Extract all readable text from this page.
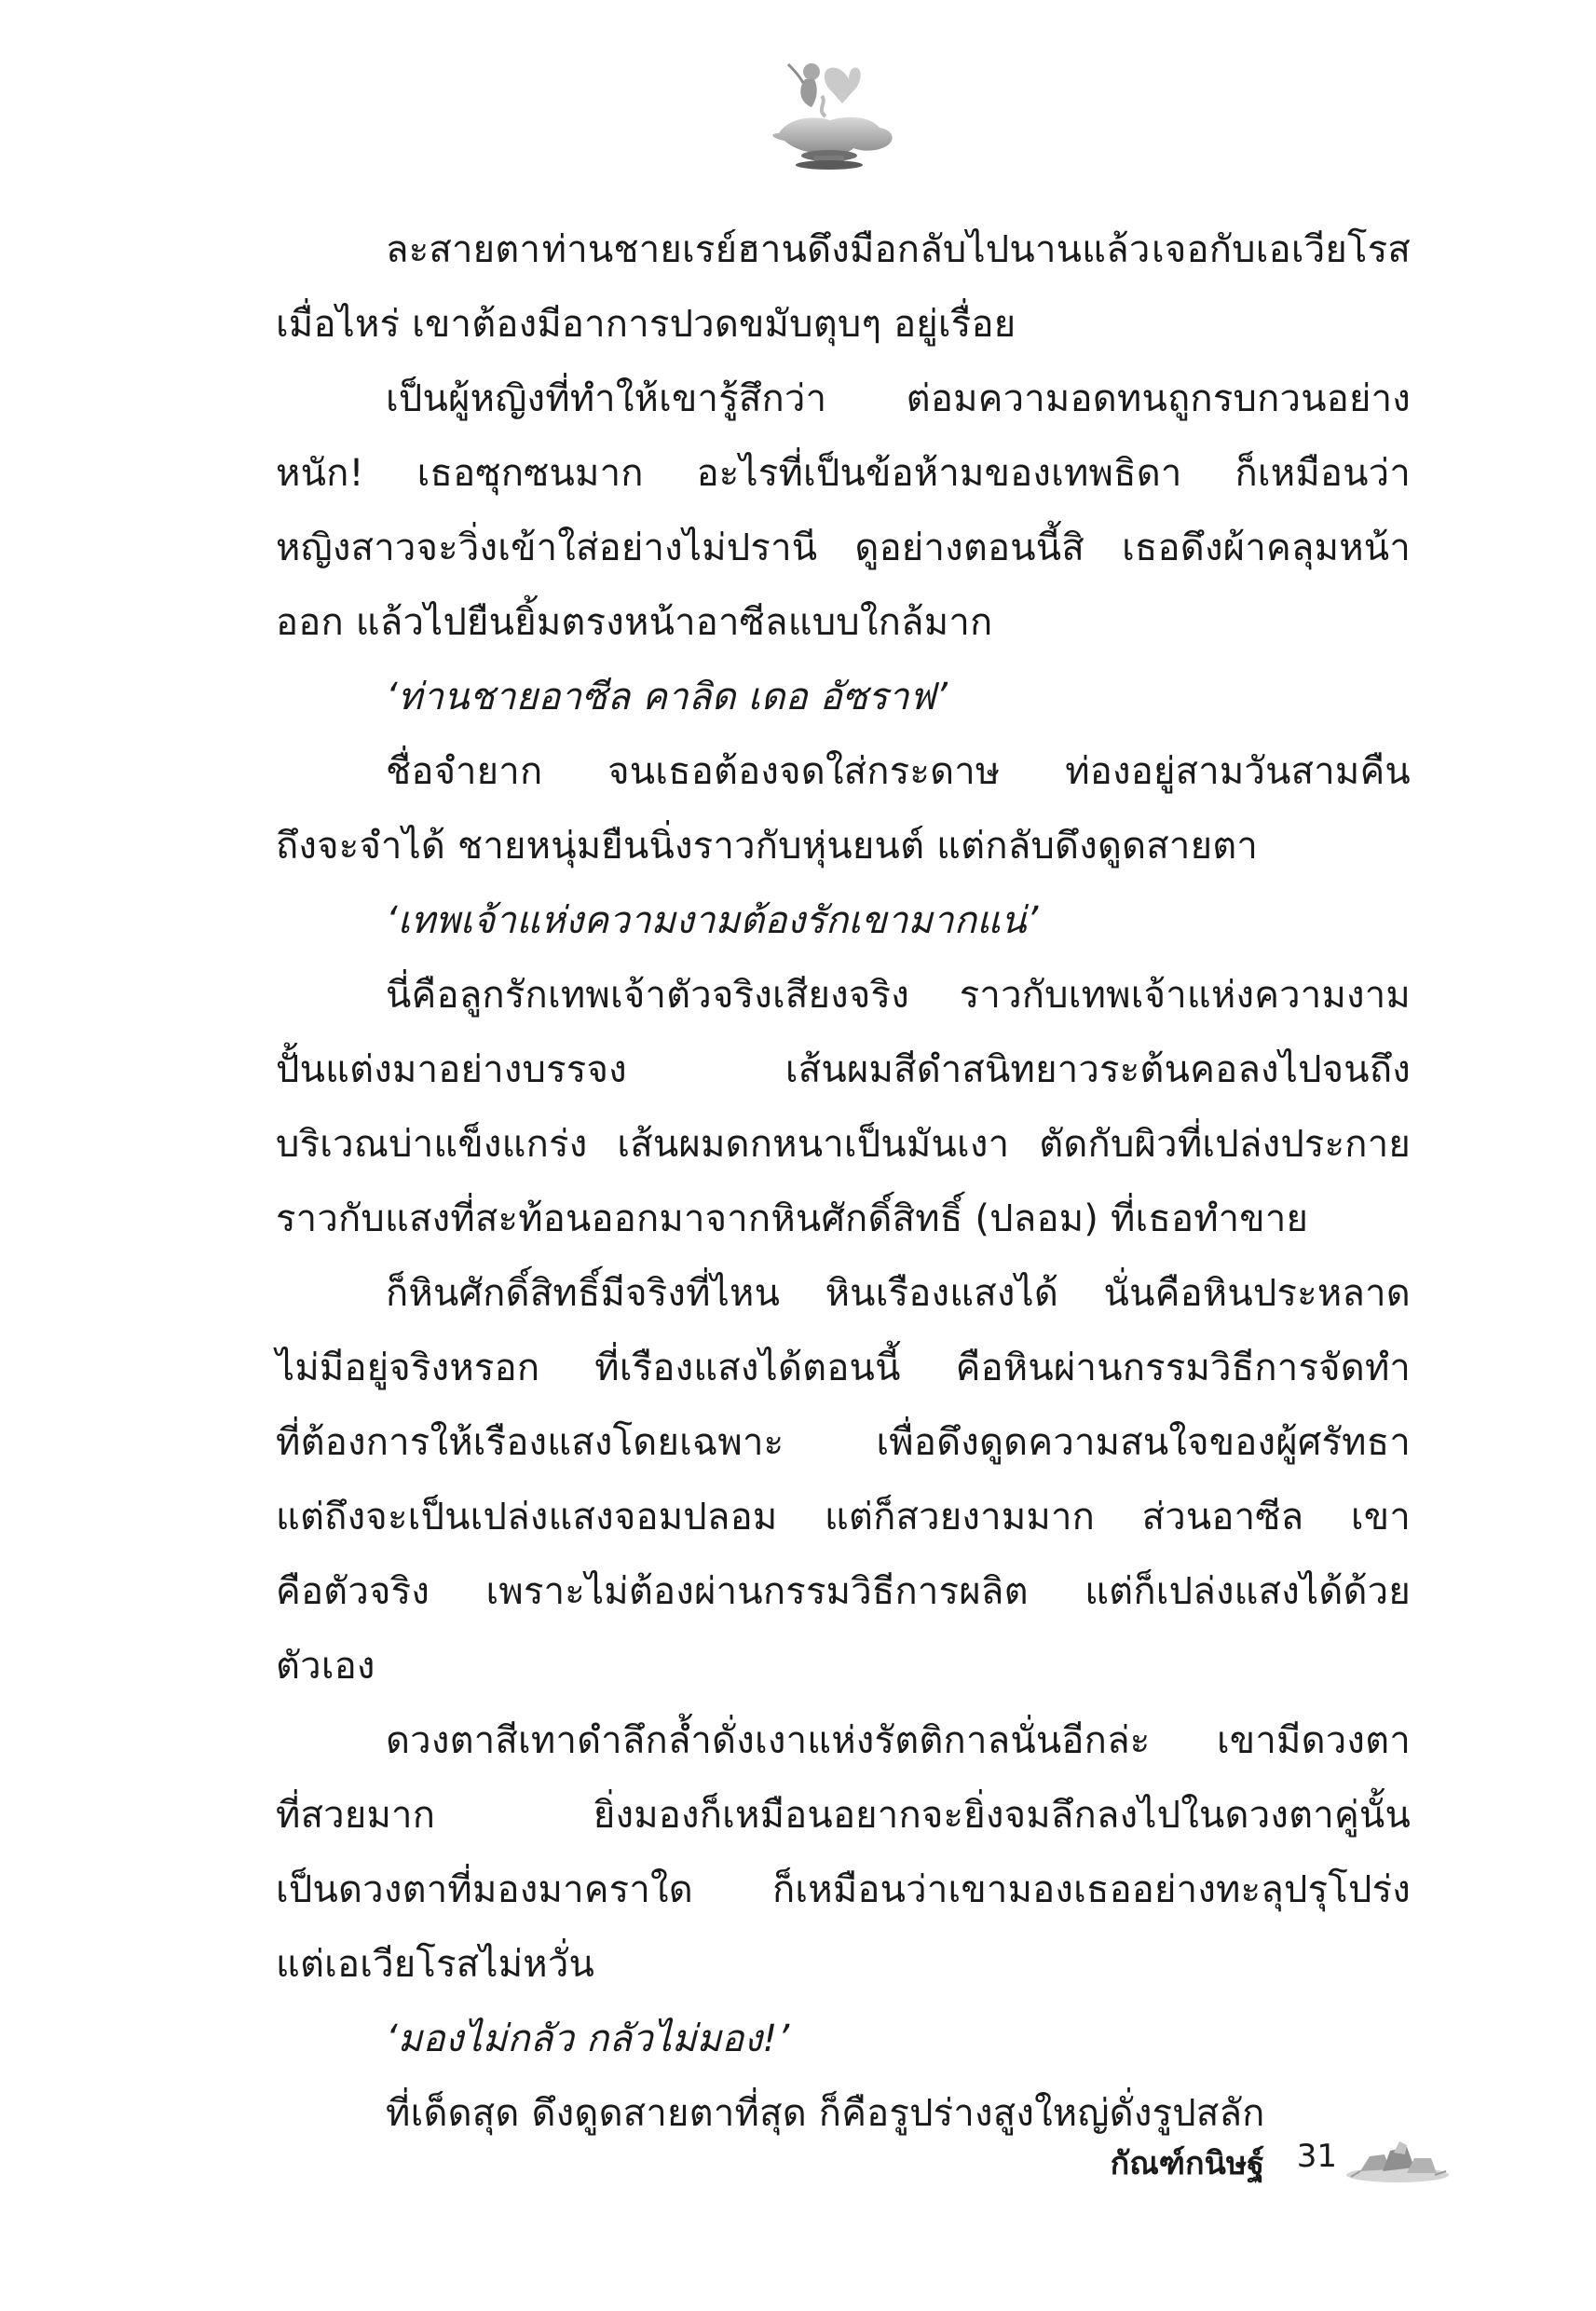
ละสายตา ท่านชายเรย์ฮานดึงมือกลับไปนานแล้ว เจอกับเอเวียโรส
เมื่อไหร่ เขาต้องมีอาการปวดขมับตุบๆ อยู่เรื่อย
เป็นผู้หญิงที่ทำให้เขารู้สึกว่า ต่อมความอดทนถูกรบกวนอย่าง
หนัก! เธอซุกซนมาก อะไรที่เป็นข้อห้ามของเทพธิดา ก็เหมือนว่า
หญิงสาวจะวิ่งเข้าใส่อย่างไม่ปรานี ดูอย่างตอนนี้สิ เธอดึงผ้าคลุมหน้า
ออก แล้วไปยืนยิ้มตรงหน้าอาซีลแบบใกล้มาก
‘ท่านชายอาซีล คาลิด เดอ อัซราฟ’
ชื่อจำยาก จนเธอต้องจดใส่กระดาษ ท่องอยู่สามวันสามคืน
ถึงจะจำได้ ชายหนุ่มยืนนิ่งราวกับหุ่นยนต์ แต่กลับดึงดูดสายตา
‘เทพเจ้าแห่งความงามต้องรักเขามากแน่’
นี่คือลูกรักเทพเจ้าตัวจริงเสียงจริง ราวกับเทพเจ้าแห่งความงาม
ปั้นแต่งมาอย่างบรรจง	เส้นผมสีดำสนิทยาวระต้นคอลงไปจนถึง
บริเวณบ่าแข็งแกร่ง เส้นผมดกหนาเป็นมันเงา ตัดกับผิวที่เปล่งประกาย
ราวกับแสงที่สะท้อนออกมาจากหินศักดิ์สิทธิ์ (ปลอม) ที่เธอทำขาย
ก็หินศักดิ์สิทธิ์มีจริงที่ไหน หินเรืองแสงได้ นั่นคือหินประหลาด
ไม่มีอยู่จริงหรอก ที่เรืองแสงได้ตอนนี้ คือหินผ่านกรรมวิธีการจัดทำ
ที่ต้องการให้เรืองแสงโดยเฉพาะ เพื่อดึงดูดความสนใจของผู้ศรัทธา
แต่ถึงจะเป็นเปล่งแสงจอมปลอม แต่ก็สวยงามมาก ส่วนอาซีล เขา
คือตัวจริง เพราะไม่ต้องผ่านกรรมวิธีการผลิต แต่ก็เปล่งแสงได้ด้วย
ตัวเอง
ดวงตาสีเทาดำลึกล้ำดั่งเงาแห่งรัตติกาลนั่นอีกล่ะ เขามีดวงตา
ที่สวยมาก	ยิ่งมองก็เหมือนอยากจะยิ่งจมลึกลงไปในดวงตาคู่นั้น
เป็นดวงตาที่มองมาคราใด ก็เหมือนว่าเขามองเธออย่างทะลุปรุโปร่ง
แต่เอเวียโรสไม่หวั่น
‘มองไม่กลัว กลัวไม่มอง!’
ที่เด็ดสุด ดึงดูดสายตาที่สุด ก็คือรูปร่างสูงใหญ่ดั่งรูปสลัก
กัณฑ์กนิษฐ์ 31
